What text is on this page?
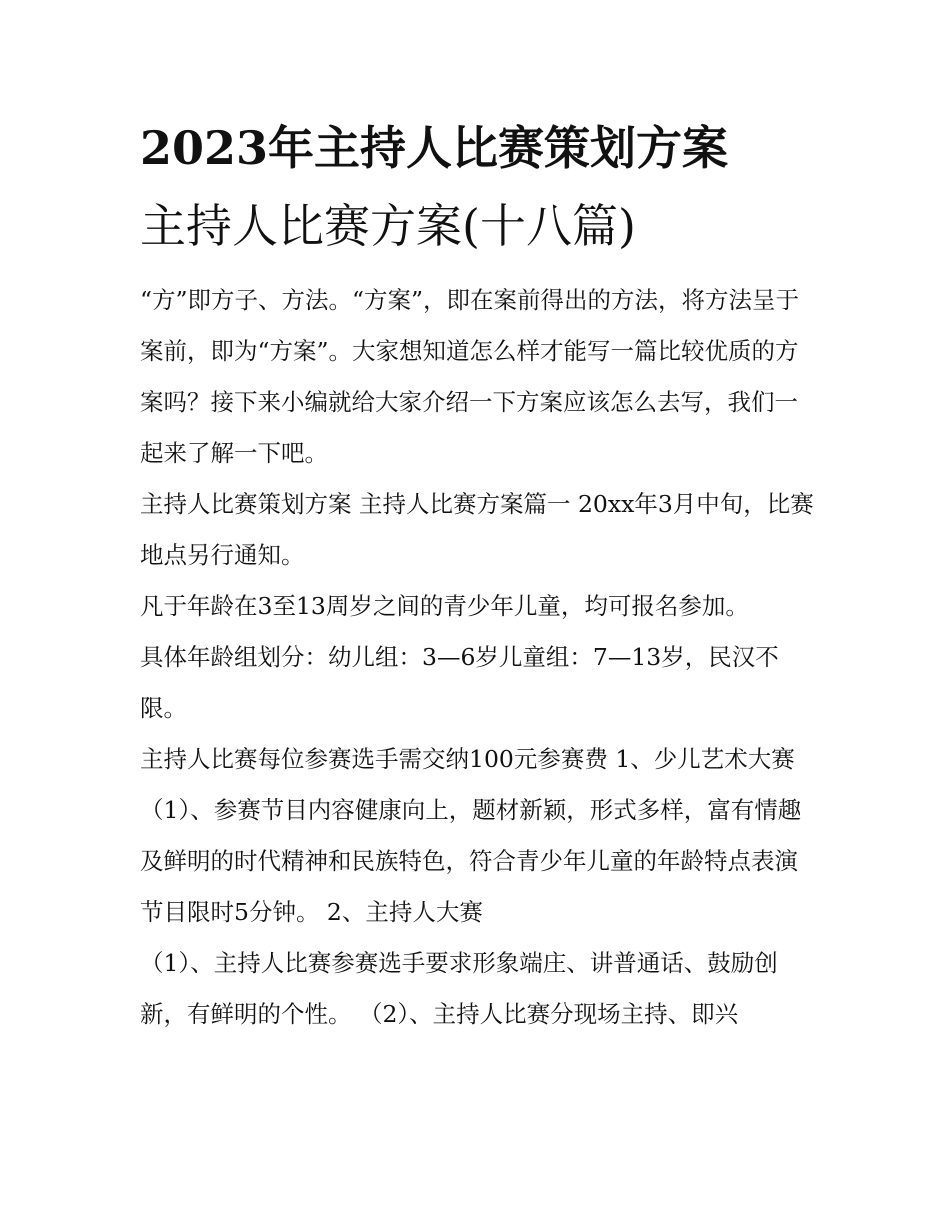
2023年主持人比赛策划方案
主持人比赛方案(十八篇)

“方”即方子、方法。“方案”，即在案前得出的方法，将方法呈于案前，即为“方案”。大家想知道怎么样才能写一篇比较优质的方案吗？接下来小编就给大家介绍一下方案应该怎么去写，我们一起来了解一下吧。

主持人比赛策划方案 主持人比赛方案篇一 20xx年3月中旬，比赛地点另行通知。

凡于年龄在3至13周岁之间的青少年儿童，均可报名参加。

具体年龄组划分：幼儿组：3—6岁儿童组：7—13岁，民汉不限。

主持人比赛每位参赛选手需交纳100元参赛费 1、少儿艺术大赛

（1）、参赛节目内容健康向上，题材新颖，形式多样，富有情趣及鲜明的时代精神和民族特色，符合青少年儿童的年龄特点表演节目限时5分钟。 2、主持人大赛

（1）、主持人比赛参赛选手要求形象端庄、讲普通话、鼓励创新，有鲜明的个性。 （2）、主持人比赛分现场主持、即兴
